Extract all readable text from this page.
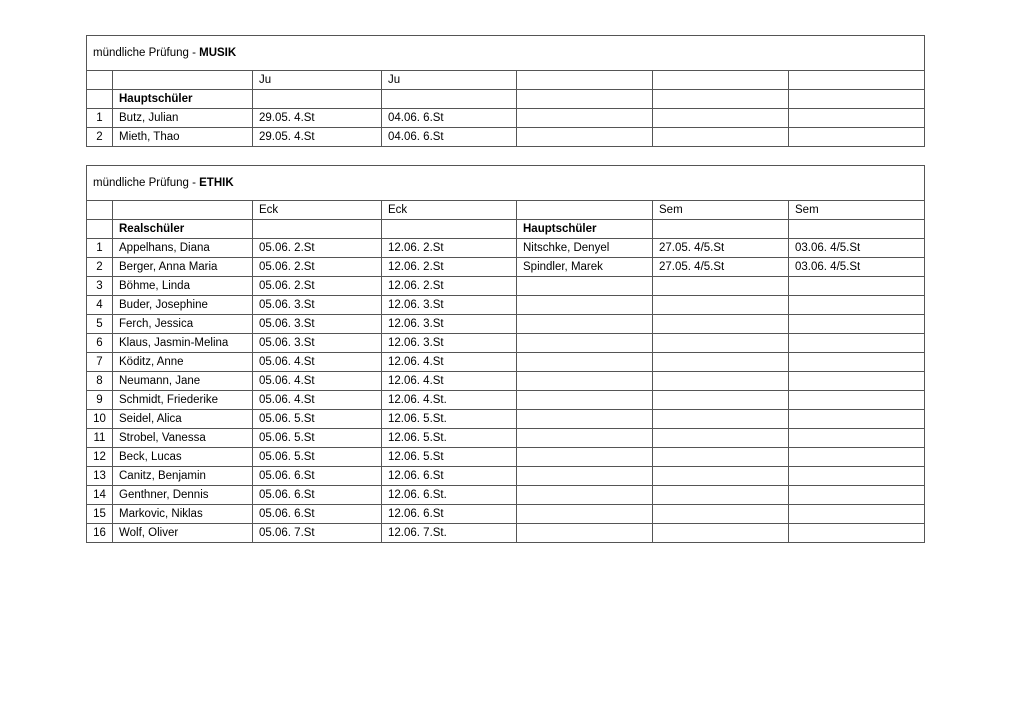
mündliche Prüfung - MUSIK						
		Ju	Ju			
	Hauptschüler					
1	Butz, Julian	29.05. 4.St	04.06. 6.St			
2	Mieth, Thao	29.05. 4.St	04.06. 6.St			
mündliche Prüfung - ETHIK						
		Eck	Eck		Sem	Sem
	Realschüler			Hauptschüler		
1	Appelhans, Diana	05.06. 2.St	12.06. 2.St	Nitschke, Denyel	27.05. 4/5.St	03.06. 4/5.St
2	Berger, Anna Maria	05.06. 2.St	12.06. 2.St	Spindler, Marek	27.05. 4/5.St	03.06. 4/5.St
3	Böhme, Linda	05.06. 2.St	12.06. 2.St			
4	Buder, Josephine	05.06. 3.St	12.06. 3.St			
5	Ferch, Jessica	05.06. 3.St	12.06. 3.St			
6	Klaus, Jasmin-Melina	05.06. 3.St	12.06. 3.St			
7	Köditz, Anne	05.06. 4.St	12.06. 4.St			
8	Neumann, Jane	05.06. 4.St	12.06. 4.St			
9	Schmidt, Friederike	05.06. 4.St	12.06. 4.St.			
10	Seidel, Alica	05.06. 5.St	12.06. 5.St.			
11	Strobel, Vanessa	05.06. 5.St	12.06. 5.St.			
12	Beck, Lucas	05.06. 5.St	12.06. 5.St			
13	Canitz, Benjamin	05.06. 6.St	12.06. 6.St			
14	Genthner, Dennis	05.06. 6.St	12.06. 6.St.			
15	Markovic, Niklas	05.06. 6.St	12.06. 6.St			
16	Wolf, Oliver	05.06. 7.St	12.06. 7.St.			
